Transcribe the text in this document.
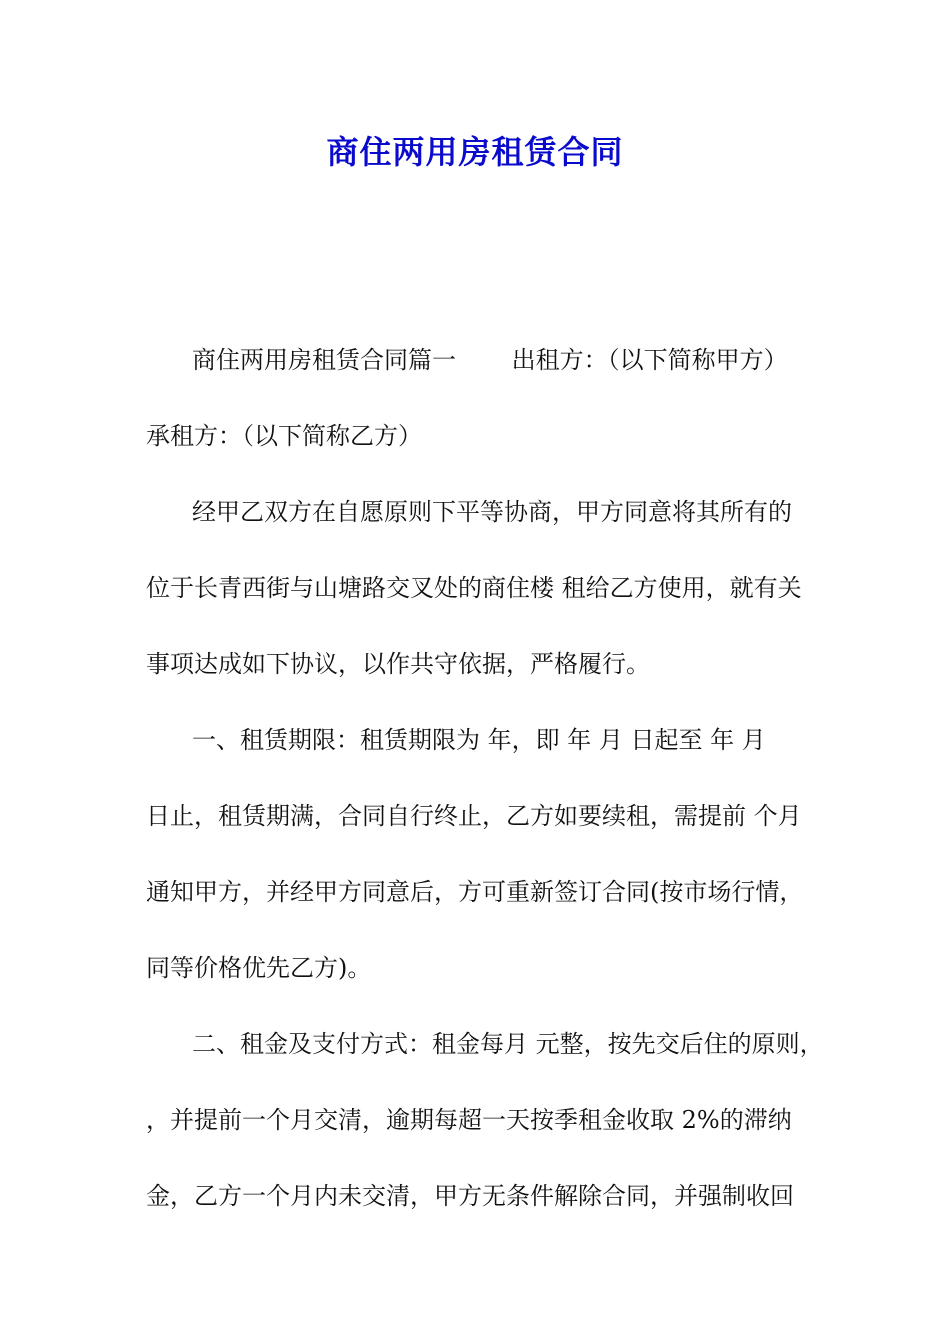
商住两用房租赁合同
商住两用房租赁合同篇一　　 出租方：（以下简称甲方）
承租方：（以下简称乙方）
经甲乙双方在自愿原则下平等协商，甲方同意将其所有的
位于长青西街与山塘路交叉处的商住楼 租给乙方使用，就有关
事项达成如下协议，以作共守依据，严格履行。
一、租赁期限：租赁期限为 年，即 年 月 日起至 年 月
日止，租赁期满，合同自行终止，乙方如要续租，需提前 个月
通知甲方，并经甲方同意后，方可重新签订合同(按市场行情，
同等价格优先乙方)。
二、租金及支付方式：租金每月 元整，按先交后住的原则，
，并提前一个月交清，逾期每超一天按季租金收取 2%的滞纳
金，乙方一个月内未交清，甲方无条件解除合同，并强制收回
